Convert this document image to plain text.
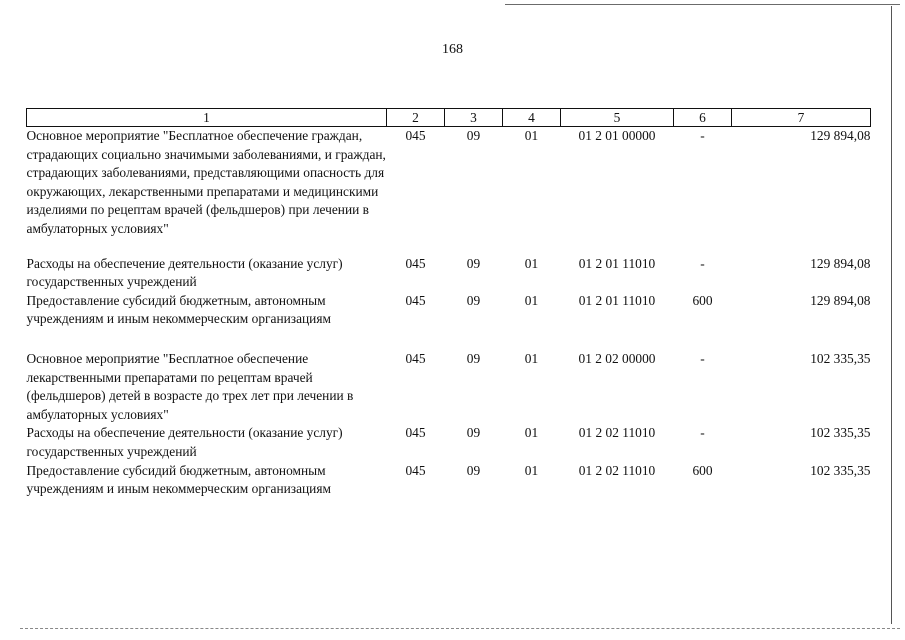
168
1	2	3	4	5	6	7
Основное мероприятие "Бесплатное обеспечение граждан, страдающих социально значимыми заболеваниями, и граждан, страдающих заболеваниями, представляющими опасность для окружающих, лекарственными препаратами и медицинскими изделиями по рецептам врачей (фельдшеров) при лечении в амбулаторных условиях"	045	09	01	01 2 01 00000	-	129 894,08

Расходы на обеспечение деятельности (оказание услуг) государственных учреждений	045	09	01	01 2 01 11010	-	129 894,08
Предоставление субсидий бюджетным, автономным учреждениям и иным некоммерческим организациям	045	09	01	01 2 01 11010	600	129 894,08

Основное мероприятие "Бесплатное обеспечение лекарственными препаратами по рецептам врачей (фельдшеров) детей в возрасте до трех лет при лечении в амбулаторных условиях"	045	09	01	01 2 02 00000	-	102 335,35
Расходы на обеспечение деятельности (оказание услуг) государственных учреждений	045	09	01	01 2 02 11010	-	102 335,35
Предоставление субсидий бюджетным, автономным учреждениям и иным некоммерческим организациям	045	09	01	01 2 02 11010	600	102 335,35
